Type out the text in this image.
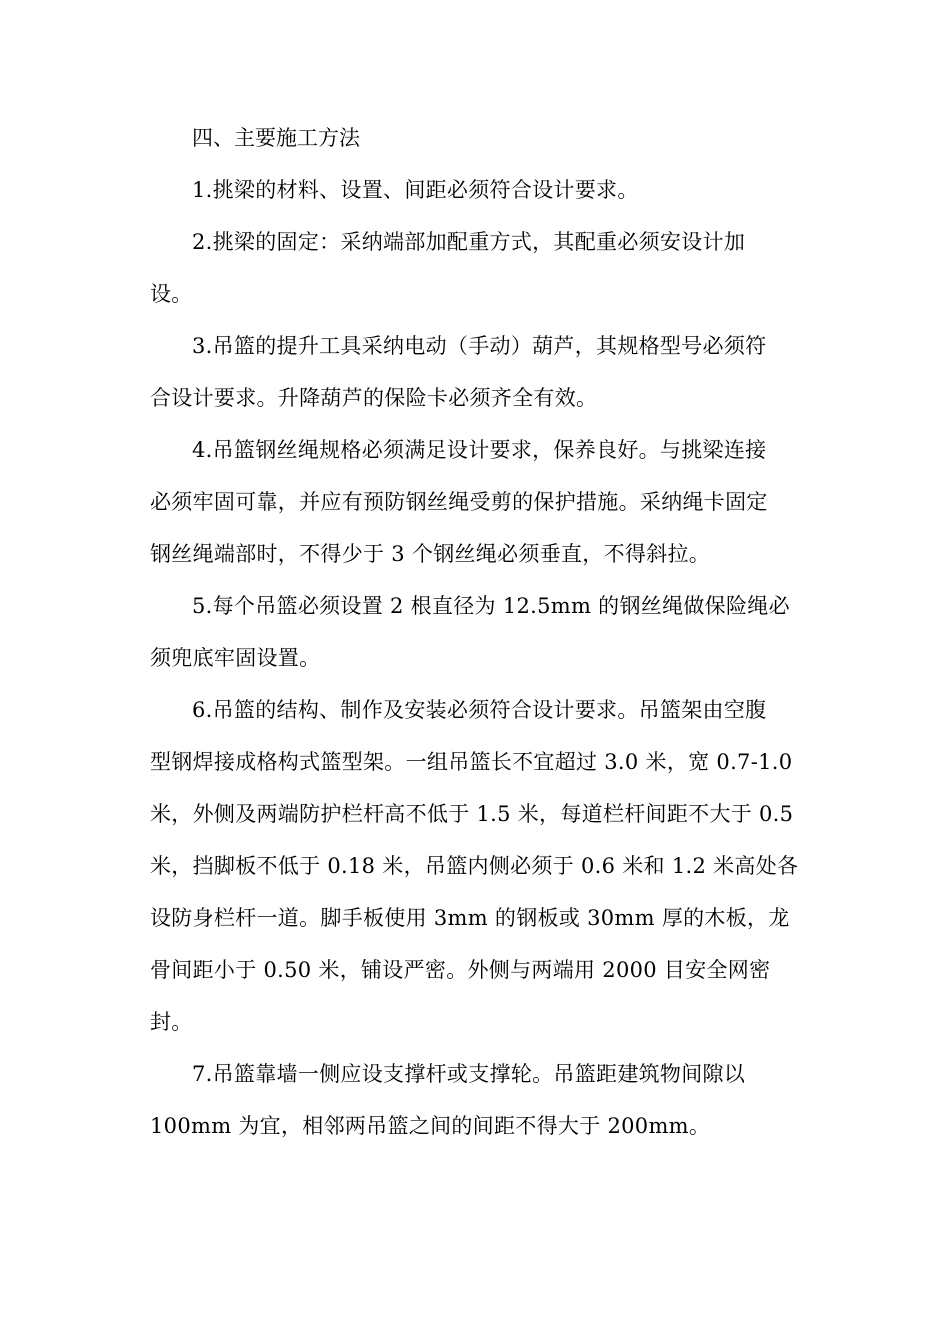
四、主要施工方法

1.挑梁的材料、设置、间距必须符合设计要求。
2.挑梁的固定：采纳端部加配重方式，其配重必须安设计加
设。
3.吊篮的提升工具采纳电动（手动）葫芦，其规格型号必须符
合设计要求。升降葫芦的保险卡必须齐全有效。
4.吊篮钢丝绳规格必须满足设计要求，保养良好。与挑梁连接
必须牢固可靠，并应有预防钢丝绳受剪的保护措施。采纳绳卡固定
钢丝绳端部时，不得少于 3 个钢丝绳必须垂直，不得斜拉。
5.每个吊篮必须设置 2 根直径为 12.5mm 的钢丝绳做保险绳必
须兜底牢固设置。
6.吊篮的结构、制作及安装必须符合设计要求。吊篮架由空腹
型钢焊接成格构式篮型架。一组吊篮长不宜超过 3.0 米，宽 0.7-1.0
米，外侧及两端防护栏杆高不低于 1.5 米，每道栏杆间距不大于 0.5
米，挡脚板不低于 0.18 米，吊篮内侧必须于 0.6 米和 1.2 米高处各
设防身栏杆一道。脚手板使用 3mm 的钢板或 30mm 厚的木板，龙
骨间距小于 0.50 米，铺设严密。外侧与两端用 2000 目安全网密
封。
7.吊篮靠墙一侧应设支撑杆或支撑轮。吊篮距建筑物间隙以
100mm 为宜，相邻两吊篮之间的间距不得大于 200mm。
